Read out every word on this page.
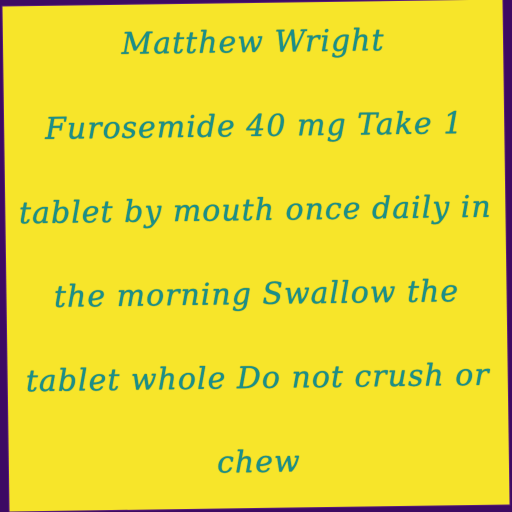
Matthew Wright
Furosemide 40 mg Take 1
tablet by mouth once daily in
the morning Swallow the
tablet whole Do not crush or
chew
